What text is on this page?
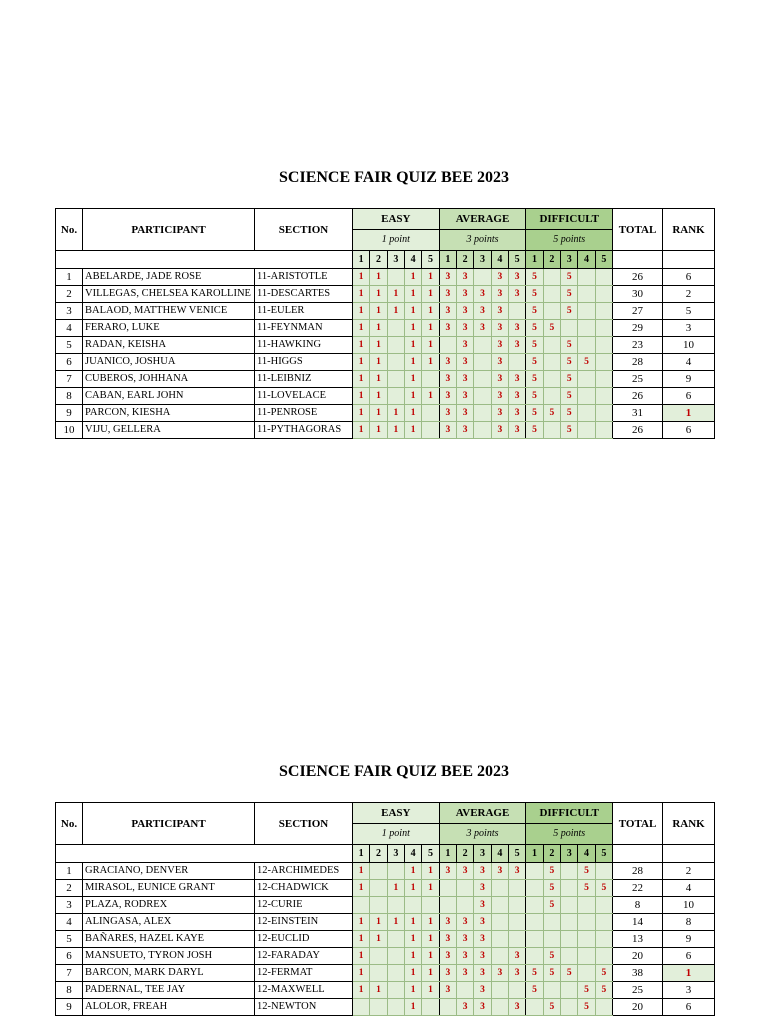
SCIENCE FAIR QUIZ BEE 2023
No.	PARTICIPANT	SECTION	EASY					AVERAGE					DIFFICULT					TOTAL	RANK
			1 point					3 points					5 points						
			1	2	3	4	5	1	2	3	4	5	1	2	3	4	5		
1	ABELARDE, JADE ROSE	11-ARISTOTLE	1	1		1	1	3	3		3	3	5		5			26	6
2	VILLEGAS, CHELSEA KAROLLINE	11-DESCARTES	1	1	1	1	1	3	3	3	3	3	5		5			30	2
3	BALAOD, MATTHEW VENICE	11-EULER	1	1	1	1	1	3	3	3	3		5		5			27	5
4	FERARO, LUKE	11-FEYNMAN	1	1		1	1	3	3	3	3	3	5	5				29	3
5	RADAN, KEISHA	11-HAWKING	1	1		1	1		3		3	3	5		5			23	10
6	JUANICO, JOSHUA	11-HIGGS	1	1		1	1	3	3		3		5		5	5		28	4
7	CUBEROS, JOHHANA	11-LEIBNIZ	1	1		1		3	3		3	3	5		5			25	9
8	CABAN, EARL JOHN	11-LOVELACE	1	1		1	1	3	3		3	3	5		5			26	6
9	PARCON, KIESHA	11-PENROSE	1	1	1	1		3	3		3	3	5	5	5			31	1
10	VIJU, GELLERA	11-PYTHAGORAS	1	1	1	1		3	3		3	3	5		5			26	6
SCIENCE FAIR QUIZ BEE 2023
No.	PARTICIPANT	SECTION	EASY					AVERAGE					DIFFICULT					TOTAL	RANK
			1 point					3 points					5 points						
			1	2	3	4	5	1	2	3	4	5	1	2	3	4	5		
1	GRACIANO, DENVER	12-ARCHIMEDES	1			1	1	3	3	3	3	3		5		5		28	2
2	MIRASOL, EUNICE GRANT	12-CHADWICK	1		1	1	1			3				5		5	5	22	4
3	PLAZA, RODREX	12-CURIE								3				5				8	10
4	ALINGASA, ALEX	12-EINSTEIN	1	1	1	1	1	3	3	3								14	8
5	BAÑARES, HAZEL KAYE	12-EUCLID	1	1		1	1	3	3	3								13	9
6	MANSUETO, TYRON JOSH	12-FARADAY	1			1	1	3	3	3		3		5				20	6
7	BARCON, MARK DARYL	12-FERMAT	1			1	1	3	3	3	3	3	5	5	5		5	38	1
8	PADERNAL, TEE JAY	12-MAXWELL	1	1		1	1	3		3			5			5	5	25	3
9	ALOLOR, FREAH	12-NEWTON				1			3	3		3		5		5		20	6
